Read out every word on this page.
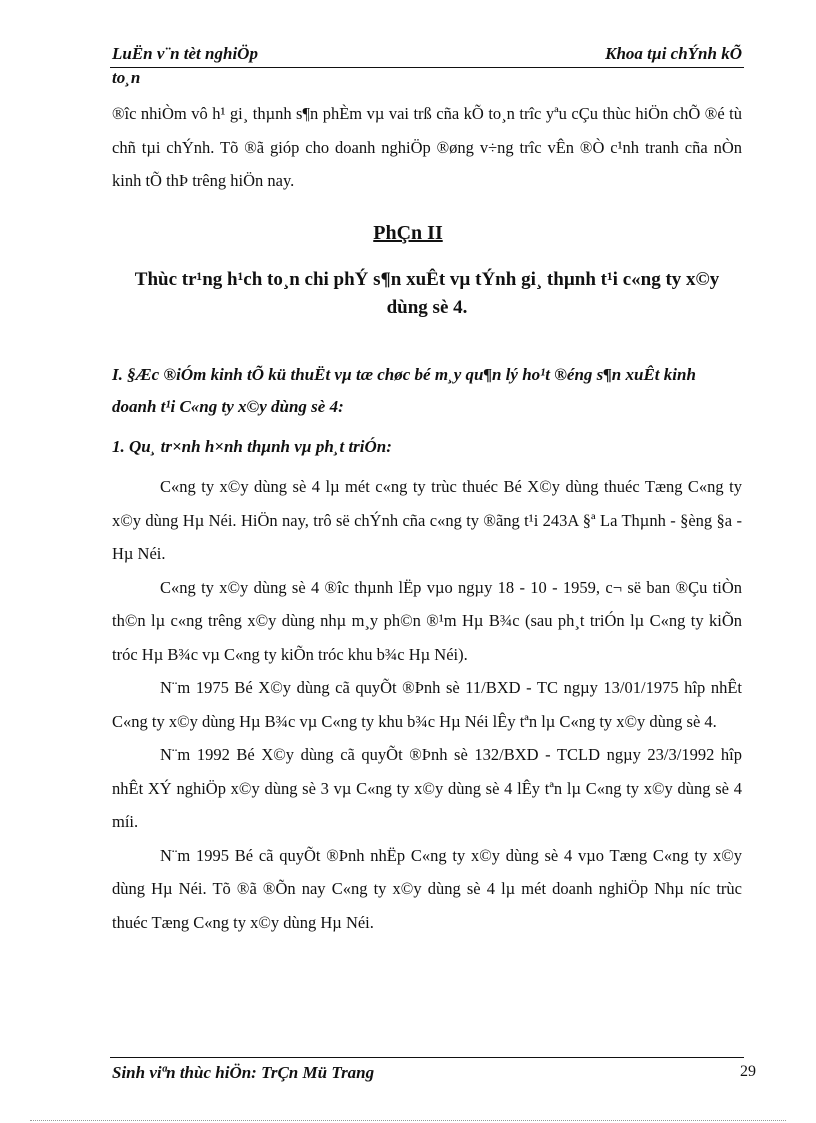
LuËn v¨n tèt nghiÖp	Khoa tµi chÝnh kÕ
to¸n

®îc nhiÒm vô h¹ gi¸ thµnh s¶n phÈm vµ vai trß cña kÕ to¸n trîc yªu cÇu thùc hiÖn chÕ ®é tù chñ tµi chÝnh. Tõ ®ã gióp cho doanh nghiÖp ®øng v÷ng trîc vÊn ®Ò c¹nh tranh cña nÒn kinh tÕ thÞ trêng hiÖn nay.

PhÇn II
Thùc tr¹ng h¹ch to¸n chi phÝ s¶n xuÊt vµ tÝnh gi¸ thµnh t¹i c«ng ty x©y dùng sè 4.
I. §Æc ®iÓm kinh tÕ kü thuËt vµ tæ chøc bé m¸y qu¶n lý ho¹t ®éng s¶n xuÊt kinh doanh t¹i C«ng ty x©y dùng sè 4:
1. Qu¸ tr×nh h×nh thµnh vµ ph¸t triÓn:

C«ng ty x©y dùng sè 4 lµ mét c«ng ty trùc thuéc Bé X©y dùng thuéc Tæng C«ng ty x©y dùng Hµ Néi. HiÖn nay, trô së chÝnh cña c«ng ty ®ãng t¹i 243A §ª La Thµnh - §èng §a - Hµ Néi.

C«ng ty x©y dùng sè 4 ®îc thµnh lËp vµo ngµy 18 - 10 - 1959, c¬ së ban ®Çu tiÒn th©n lµ c«ng trêng x©y dùng nhµ m¸y ph©n ®¹m Hµ B¾c (sau ph¸t triÓn lµ C«ng ty kiÕn tróc Hµ B¾c vµ C«ng ty kiÕn tróc khu b¾c Hµ Néi).

N¨m 1975 Bé X©y dùng cã quyÕt ®Þnh sè 11/BXD - TC ngµy 13/01/1975 hîp nhÊt C«ng ty x©y dùng Hµ B¾c vµ C«ng ty khu b¾c Hµ Néi lÊy tªn lµ C«ng ty x©y dùng sè 4.

N¨m 1992 Bé X©y dùng cã quyÕt ®Þnh sè 132/BXD - TCLD ngµy 23/3/1992 hîp nhÊt XÝ nghiÖp x©y dùng sè 3 vµ C«ng ty x©y dùng sè 4 lÊy tªn lµ C«ng ty x©y dùng sè 4 míi.

N¨m 1995 Bé cã quyÕt ®Þnh nhËp C«ng ty x©y dùng sè 4 vµo Tæng C«ng ty x©y dùng Hµ Néi. Tõ ®ã ®Õn nay C«ng ty x©y dùng sè 4 lµ mét doanh nghiÖp Nhµ níc trùc thuéc Tæng C«ng ty x©y dùng Hµ Néi.

Sinh viªn thùc hiÖn: TrÇn Mü Trang	29
